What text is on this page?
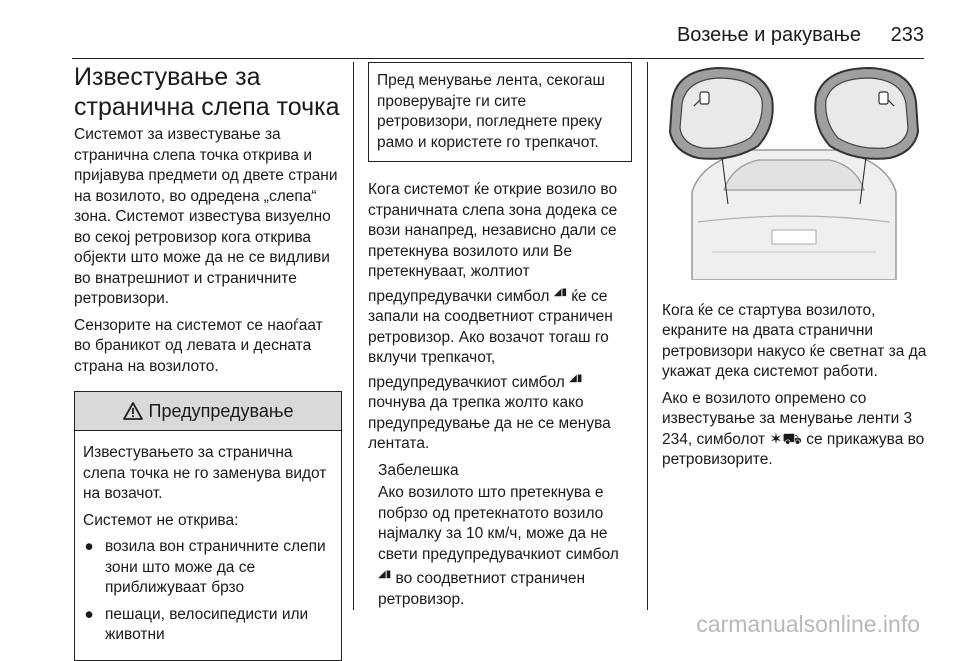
Возење и ракување 233
Известување за
странична слепа точка

Системот за известување за странична слепа точка открива и пријавува предмети од двете страни на возилото, во одредена „слепа“ зона. Системот известува визуелно во секој ретровизор кога открива објекти што може да не се видливи во внатрешниот и страничните ретровизори.

Сензорите на системот се наоѓаат во браникот од левата и десната страна на возилото.

Предупредување

Известувањето за странична слепа точка не го заменува видот на возачот.

Системот не открива:

● возила вон страничните слепи зони што може да се приближуваат брзо
● пешаци, велосипедисти или животни
Пред менување лента, секогаш проверувајте ги сите ретровизори, погледнете преку рамо и користете го трепкачот.

Кога системот ќе открие возило во страничната слепа зона додека се вози нанапред, независно дали се претекнува возилото или Ве претекнуваат, жолтиот предупредувачки симбол ◢▮ ќе се запали на соодветниот страничен ретровизор. Ако возачот тогаш го вклучи трепкачот, предупредувачкиот симбол ◢▮ почнува да трепка жолто како предупредување да не се менува лентата.

Забелешка

Ако возилото што претекнува е побрзо од претекнатото возило најмалку за 10 км/ч, може да не свети предупредувачкиот симбол ◢▮ во соодветниот страничен ретровизор.

Кога ќе се стартува возилото, екраните на двата странични ретровизори накусо ќе светнат за да укажат дека системот работи.

Ако е возилото опремено со известување за менување ленти 3 234, симболот ✶⛟ се прикажува во ретровизорите.

carmanualsonline.info
